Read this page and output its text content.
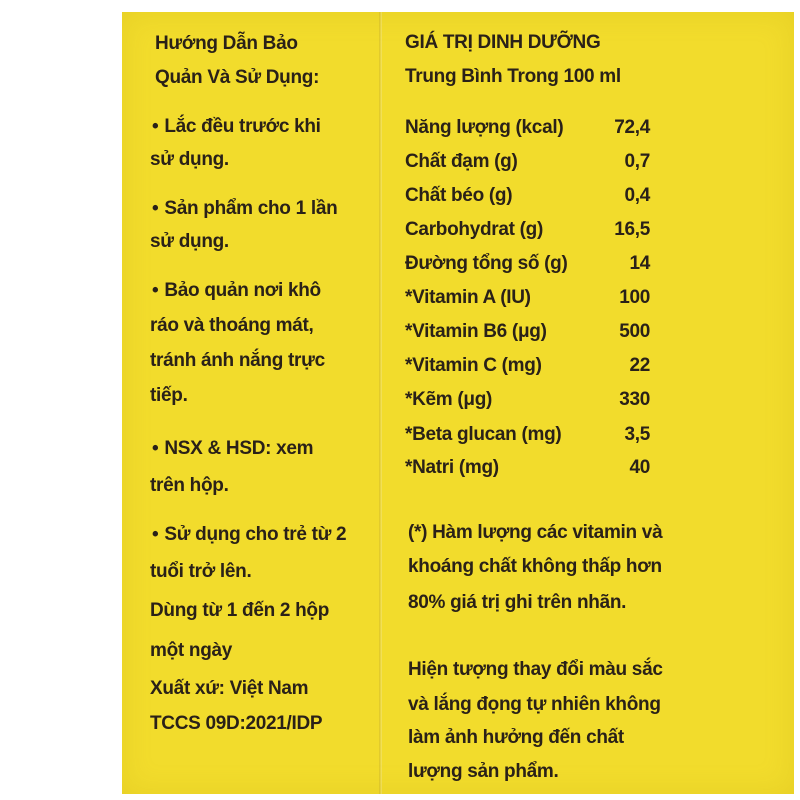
Hướng Dẫn Bảo
Quản Và Sử Dụng:
• Lắc đều trước khi
sử dụng.
• Sản phẩm cho 1 lần
sử dụng.
• Bảo quản nơi khô
ráo và thoáng mát,
tránh ánh nắng trực
tiếp.
• NSX & HSD: xem
trên hộp.
• Sử dụng cho trẻ từ 2
tuổi trở lên.
Dùng từ 1 đến 2 hộp
một ngày
Xuất xứ: Việt Nam
TCCS 09D:2021/IDP
GIÁ TRỊ DINH DƯỠNG
Trung Bình Trong 100 ml
Năng lượng (kcal)	72,4
Chất đạm (g)	0,7
Chất béo (g)	0,4
Carbohydrat (g)	16,5
Đường tổng số (g)	14
*Vitamin A (IU)	100
*Vitamin B6 (μg)	500
*Vitamin C (mg)	22
*Kẽm (μg)	330
*Beta glucan (mg)	3,5
*Natri (mg)	40
(*) Hàm lượng các vitamin và
khoáng chất không thấp hơn
80% giá trị ghi trên nhãn.
Hiện tượng thay đổi màu sắc
và lắng đọng tự nhiên không
làm ảnh hưởng đến chất
lượng sản phẩm.
